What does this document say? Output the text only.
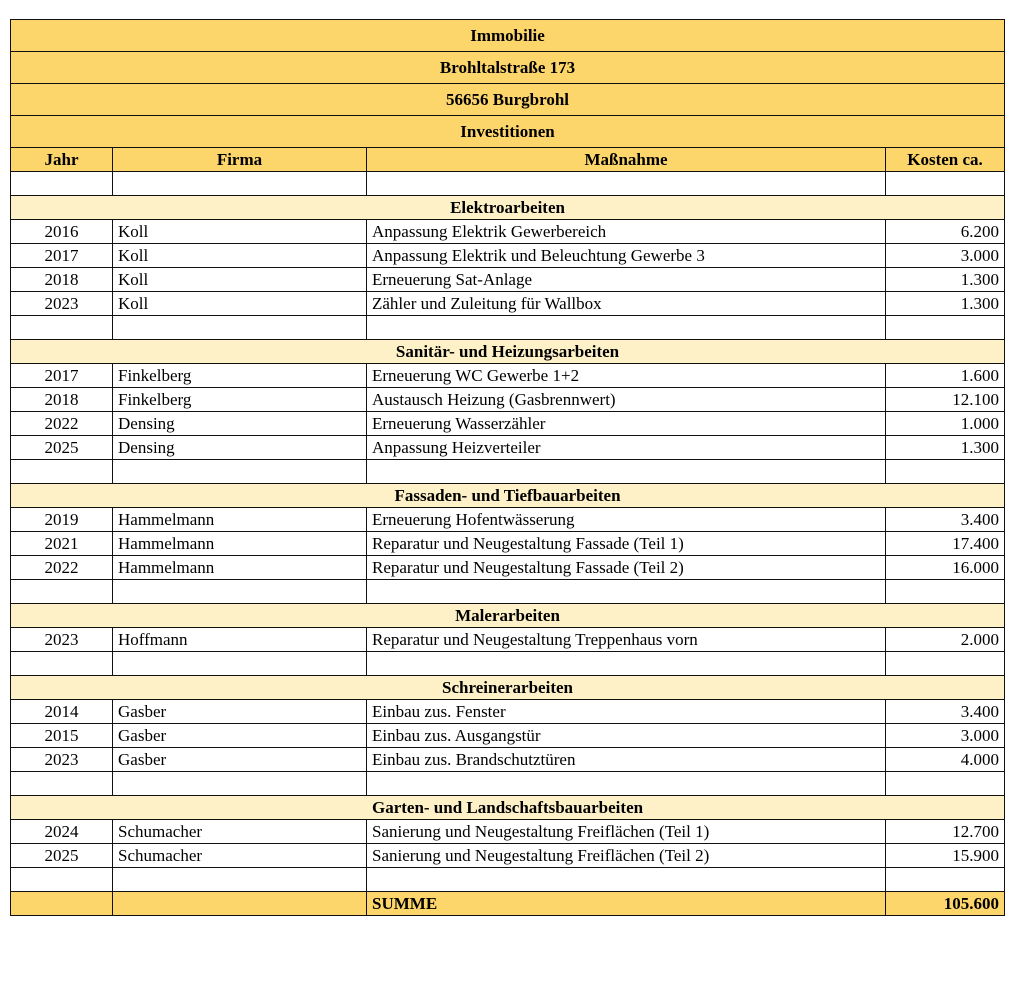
Immobilie			
Brohltalstraße 173			
56656 Burgbrohl			
Investitionen			
Jahr	Firma	Maßnahme	Kosten ca.

Elektroarbeiten			
2016	Koll	Anpassung Elektrik Gewerbereich	6.200
2017	Koll	Anpassung Elektrik und Beleuchtung Gewerbe 3	3.000
2018	Koll	Erneuerung Sat-Anlage	1.300
2023	Koll	Zähler und Zuleitung für Wallbox	1.300

Sanitär- und Heizungsarbeiten			
2017	Finkelberg	Erneuerung WC Gewerbe 1+2	1.600
2018	Finkelberg	Austausch Heizung (Gasbrennwert)	12.100
2022	Densing	Erneuerung Wasserzähler	1.000
2025	Densing	Anpassung Heizverteiler	1.300

Fassaden- und Tiefbauarbeiten			
2019	Hammelmann	Erneuerung Hofentwässerung	3.400
2021	Hammelmann	Reparatur und Neugestaltung Fassade (Teil 1)	17.400
2022	Hammelmann	Reparatur und Neugestaltung Fassade (Teil 2)	16.000

Malerarbeiten			
2023	Hoffmann	Reparatur und Neugestaltung Treppenhaus vorn	2.000

Schreinerarbeiten			
2014	Gasber	Einbau zus. Fenster	3.400
2015	Gasber	Einbau zus. Ausgangstür	3.000
2023	Gasber	Einbau zus. Brandschutztüren	4.000

Garten- und Landschaftsbauarbeiten			
2024	Schumacher	Sanierung und Neugestaltung Freiflächen (Teil 1)	12.700
2025	Schumacher	Sanierung und Neugestaltung Freiflächen (Teil 2)	15.900

		SUMME	105.600
